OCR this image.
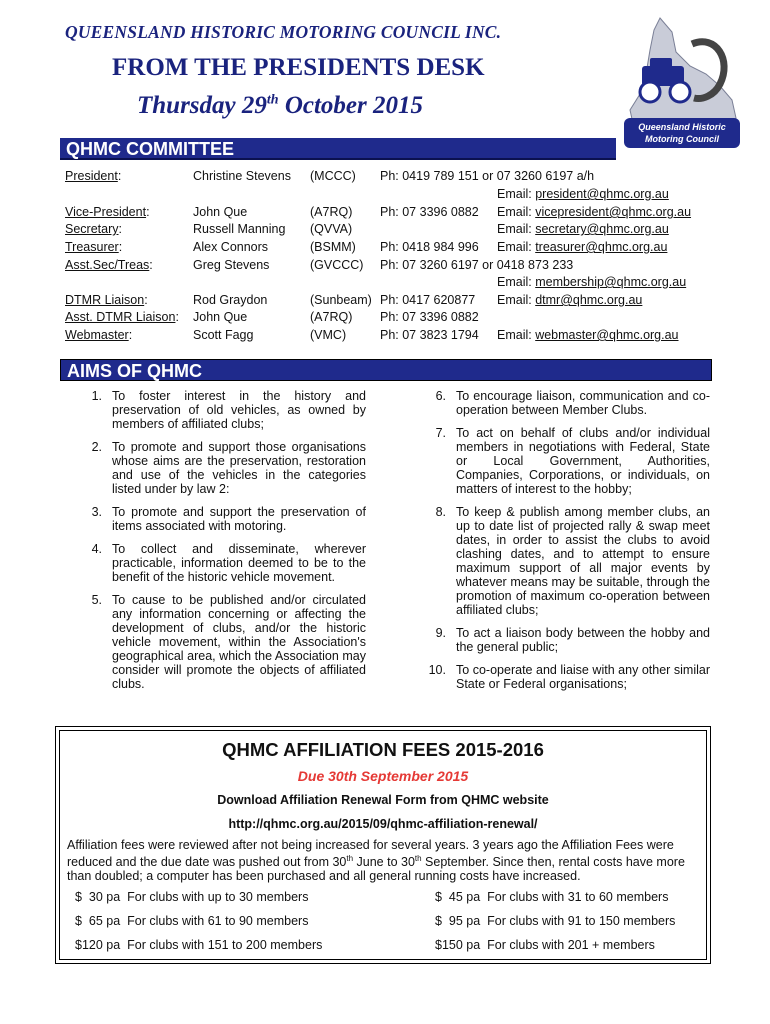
QUEENSLAND HISTORIC MOTORING COUNCIL INC.
FROM THE PRESIDENTS DESK
Thursday 29th October 2015
Queensland Historic
Motoring Council
QHMC COMMITTEE
President:	Christine Stevens (MCCC) Ph: 0419 789 151 or 07 3260 6197 a/h
Email: president@qhmc.org.au
Vice-President:	John Que	(A7RQ) Ph: 07 3396 0882 Email: vicepresident@qhmc.org.au
Secretary:	Russell Manning (QVVA)	Email: secretary@qhmc.org.au
Treasurer:	Alex Connors	(BSMM) Ph: 0418 984 996 Email: treasurer@qhmc.org.au
Asst.Sec/Treas:	Greg Stevens	(GVCCC) Ph: 07 3260 6197 or 0418 873 233
Email: membership@qhmc.org.au
DTMR Liaison:	Rod Graydon	(Sunbeam) Ph: 0417 620877 Email: dtmr@qhmc.org.au
Asst. DTMR Liaison: John Que	(A7RQ) Ph: 07 3396 0882
Webmaster:	Scott Fagg	(VMC)	Ph: 07 3823 1794 Email: webmaster@qhmc.org.au
AIMS OF QHMC
1. To foster interest in the history and preservation of old vehicles, as owned by members of affiliated clubs;
2. To promote and support those organisations whose aims are the preservation, restoration and use of the vehicles in the categories listed under by law 2:
3. To promote and support the preservation of items associated with motoring.
4. To collect and disseminate, wherever practicable, information deemed to be to the benefit of the historic vehicle movement.
5. To cause to be published and/or circulated any information concerning or affecting the development of clubs, and/or the historic vehicle movement, within the Association's geographical area, which the Association may consider will promote the objects of affiliated clubs.
6. To encourage liaison, communication and co-operation between Member Clubs.
7. To act on behalf of clubs and/or individual members in negotiations with Federal, State or Local Government, Authorities, Companies, Corporations, or individuals, on matters of interest to the hobby;
8. To keep & publish among member clubs, an up to date list of projected rally & swap meet dates, in order to assist the clubs to avoid clashing dates, and to attempt to ensure maximum support of all major events by whatever means may be suitable, through the promotion of maximum co-operation between affiliated clubs;
9. To act a liaison body between the hobby and the general public;
10. To co-operate and liaise with any other similar State or Federal organisations;
QHMC AFFILIATION FEES 2015-2016
Due 30th September 2015
Download Affiliation Renewal Form from QHMC website
http://qhmc.org.au/2015/09/qhmc-affiliation-renewal/
Affiliation fees were reviewed after not being increased for several years. 3 years ago the Affiliation Fees were reduced and the due date was pushed out from 30th June to 30th September. Since then, rental costs have more than doubled; a computer has been purchased and all general running costs have increased.
$  30 pa  For clubs with up to 30 members	$  45 pa  For clubs with 31 to 60 members
$  65 pa  For clubs with 61 to 90 members	$  95 pa  For clubs with 91 to 150 members
$120 pa  For clubs with 151 to 200 members	$150 pa  For clubs with 201 + members
